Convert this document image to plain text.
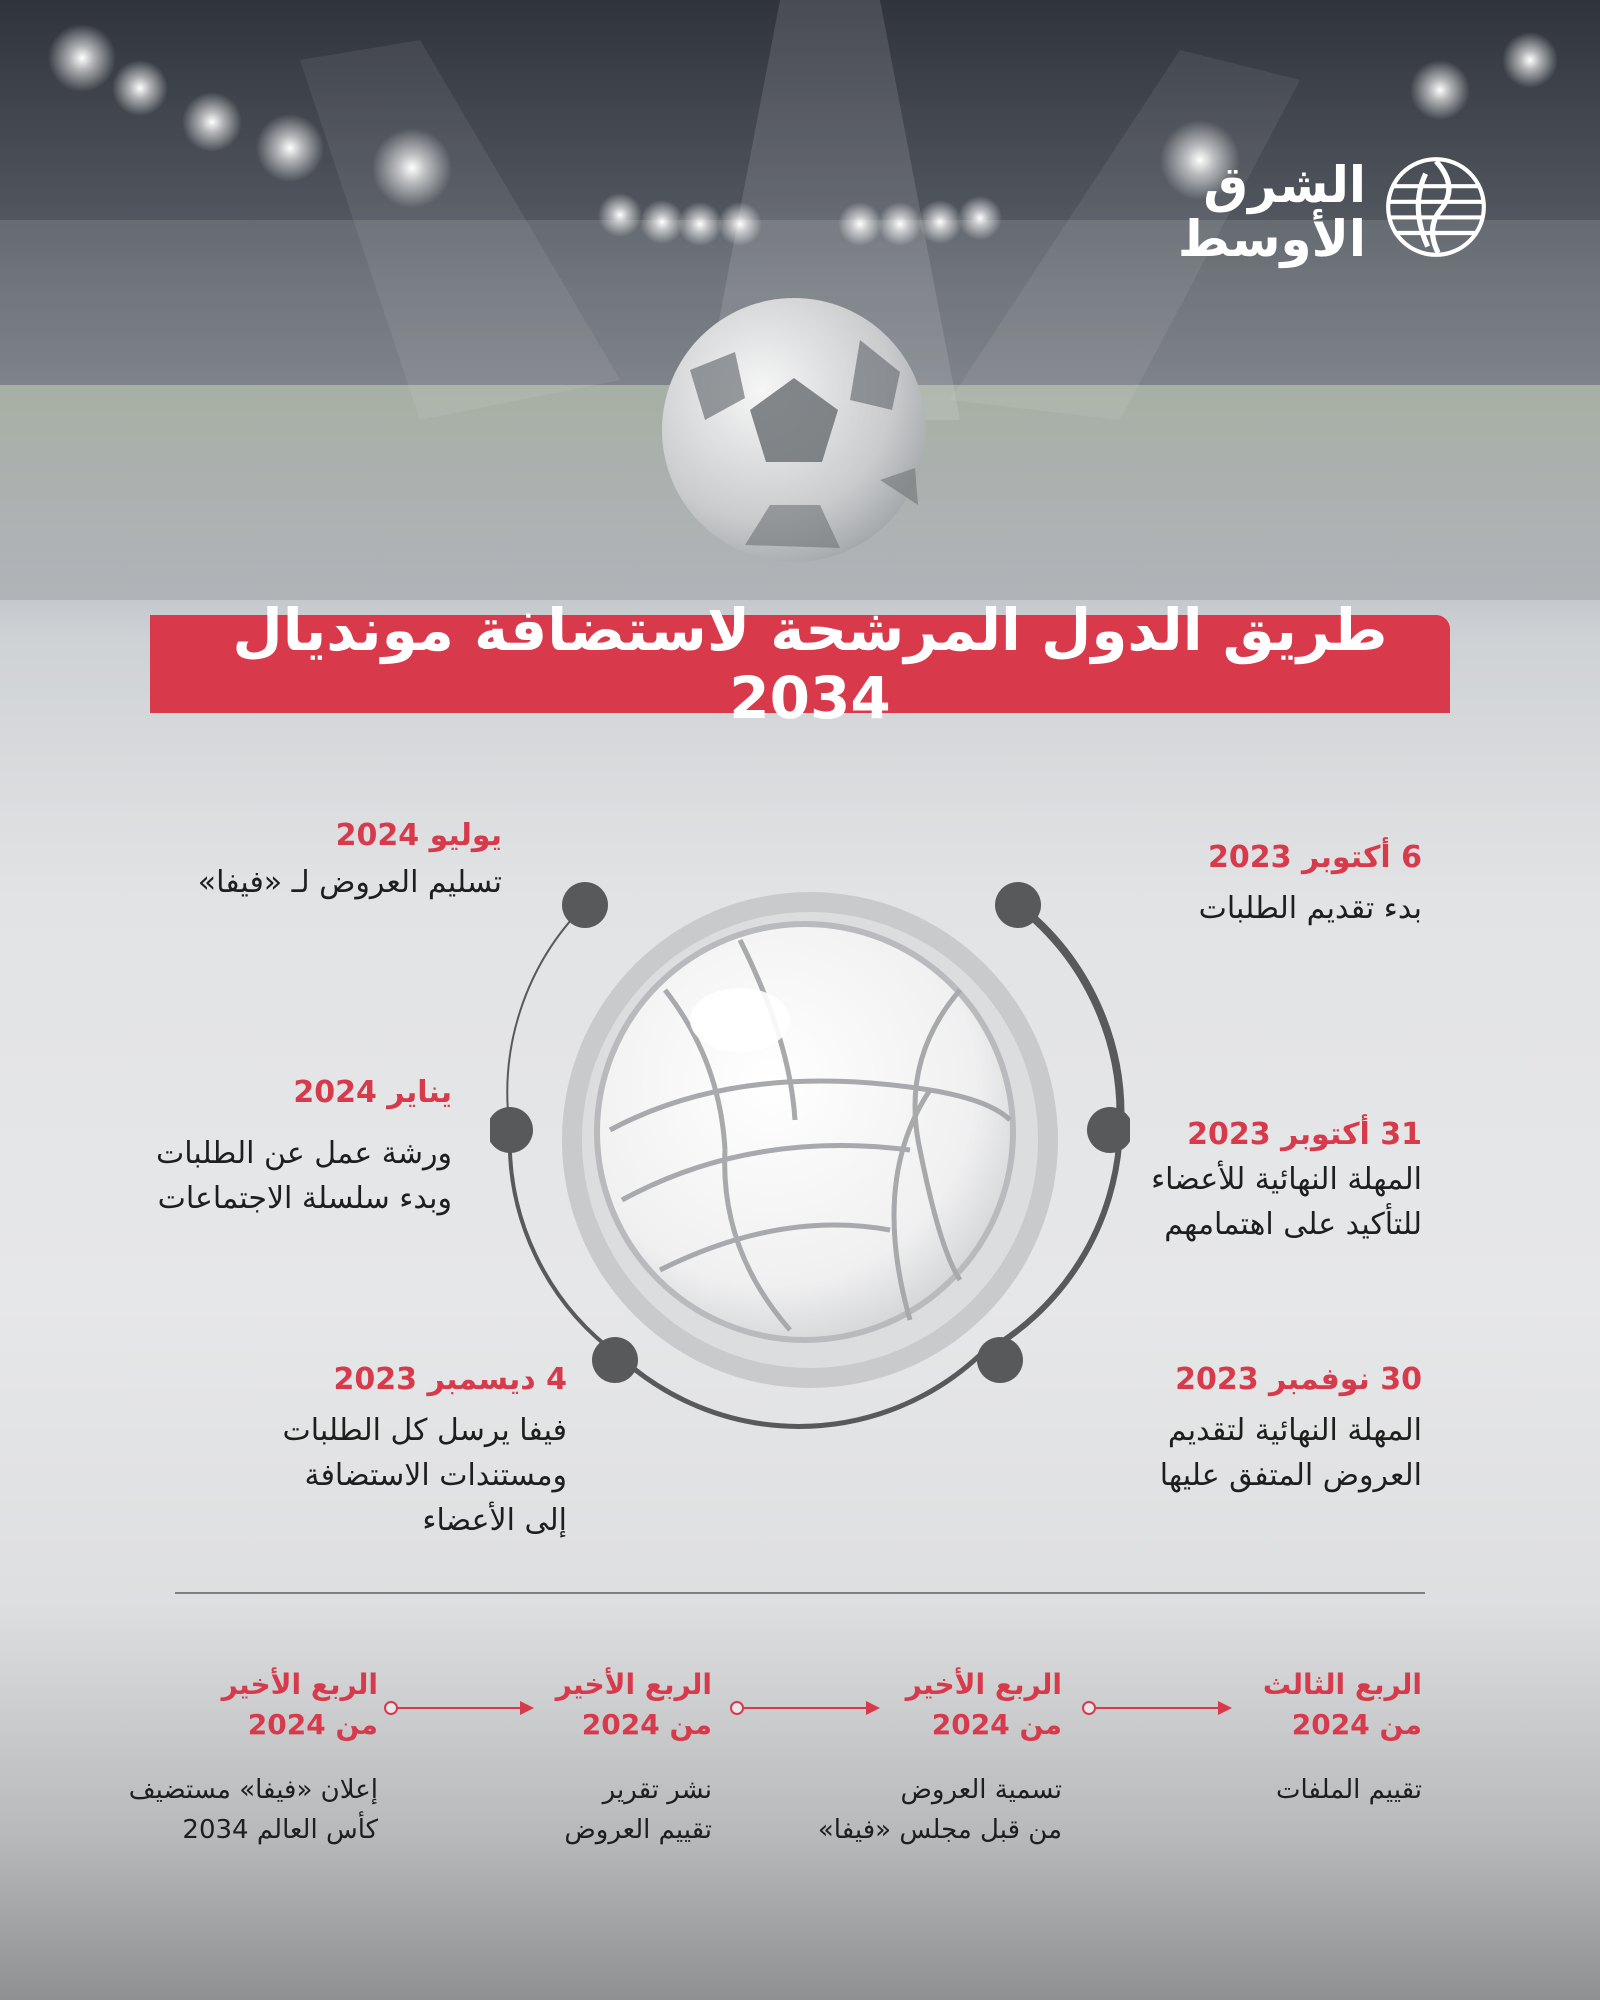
الشرق
الأوسط
طريق الدول المرشحة لاستضافة مونديال 2034
6 أكتوبر 2023
بدء تقديم الطلبات
31 أكتوبر 2023
المهلة النهائية للأعضاء
للتأكيد على اهتمامهم
30 نوفمبر 2023
المهلة النهائية لتقديم
العروض المتفق عليها
4 ديسمبر 2023
فيفا يرسل كل الطلبات
ومستندات الاستضافة
إلى الأعضاء
يناير 2024
ورشة عمل عن الطلبات
وبدء سلسلة الاجتماعات
يوليو 2024
تسليم العروض لـ «فيفا»
الربع الثالث
من 2024
تقييم الملفات
الربع الأخير
من 2024
تسمية العروض
من قبل مجلس «فيفا»
الربع الأخير
من 2024
نشر تقرير
تقييم العروض
الربع الأخير
من 2024
إعلان «فيفا» مستضيف
كأس العالم 2034
